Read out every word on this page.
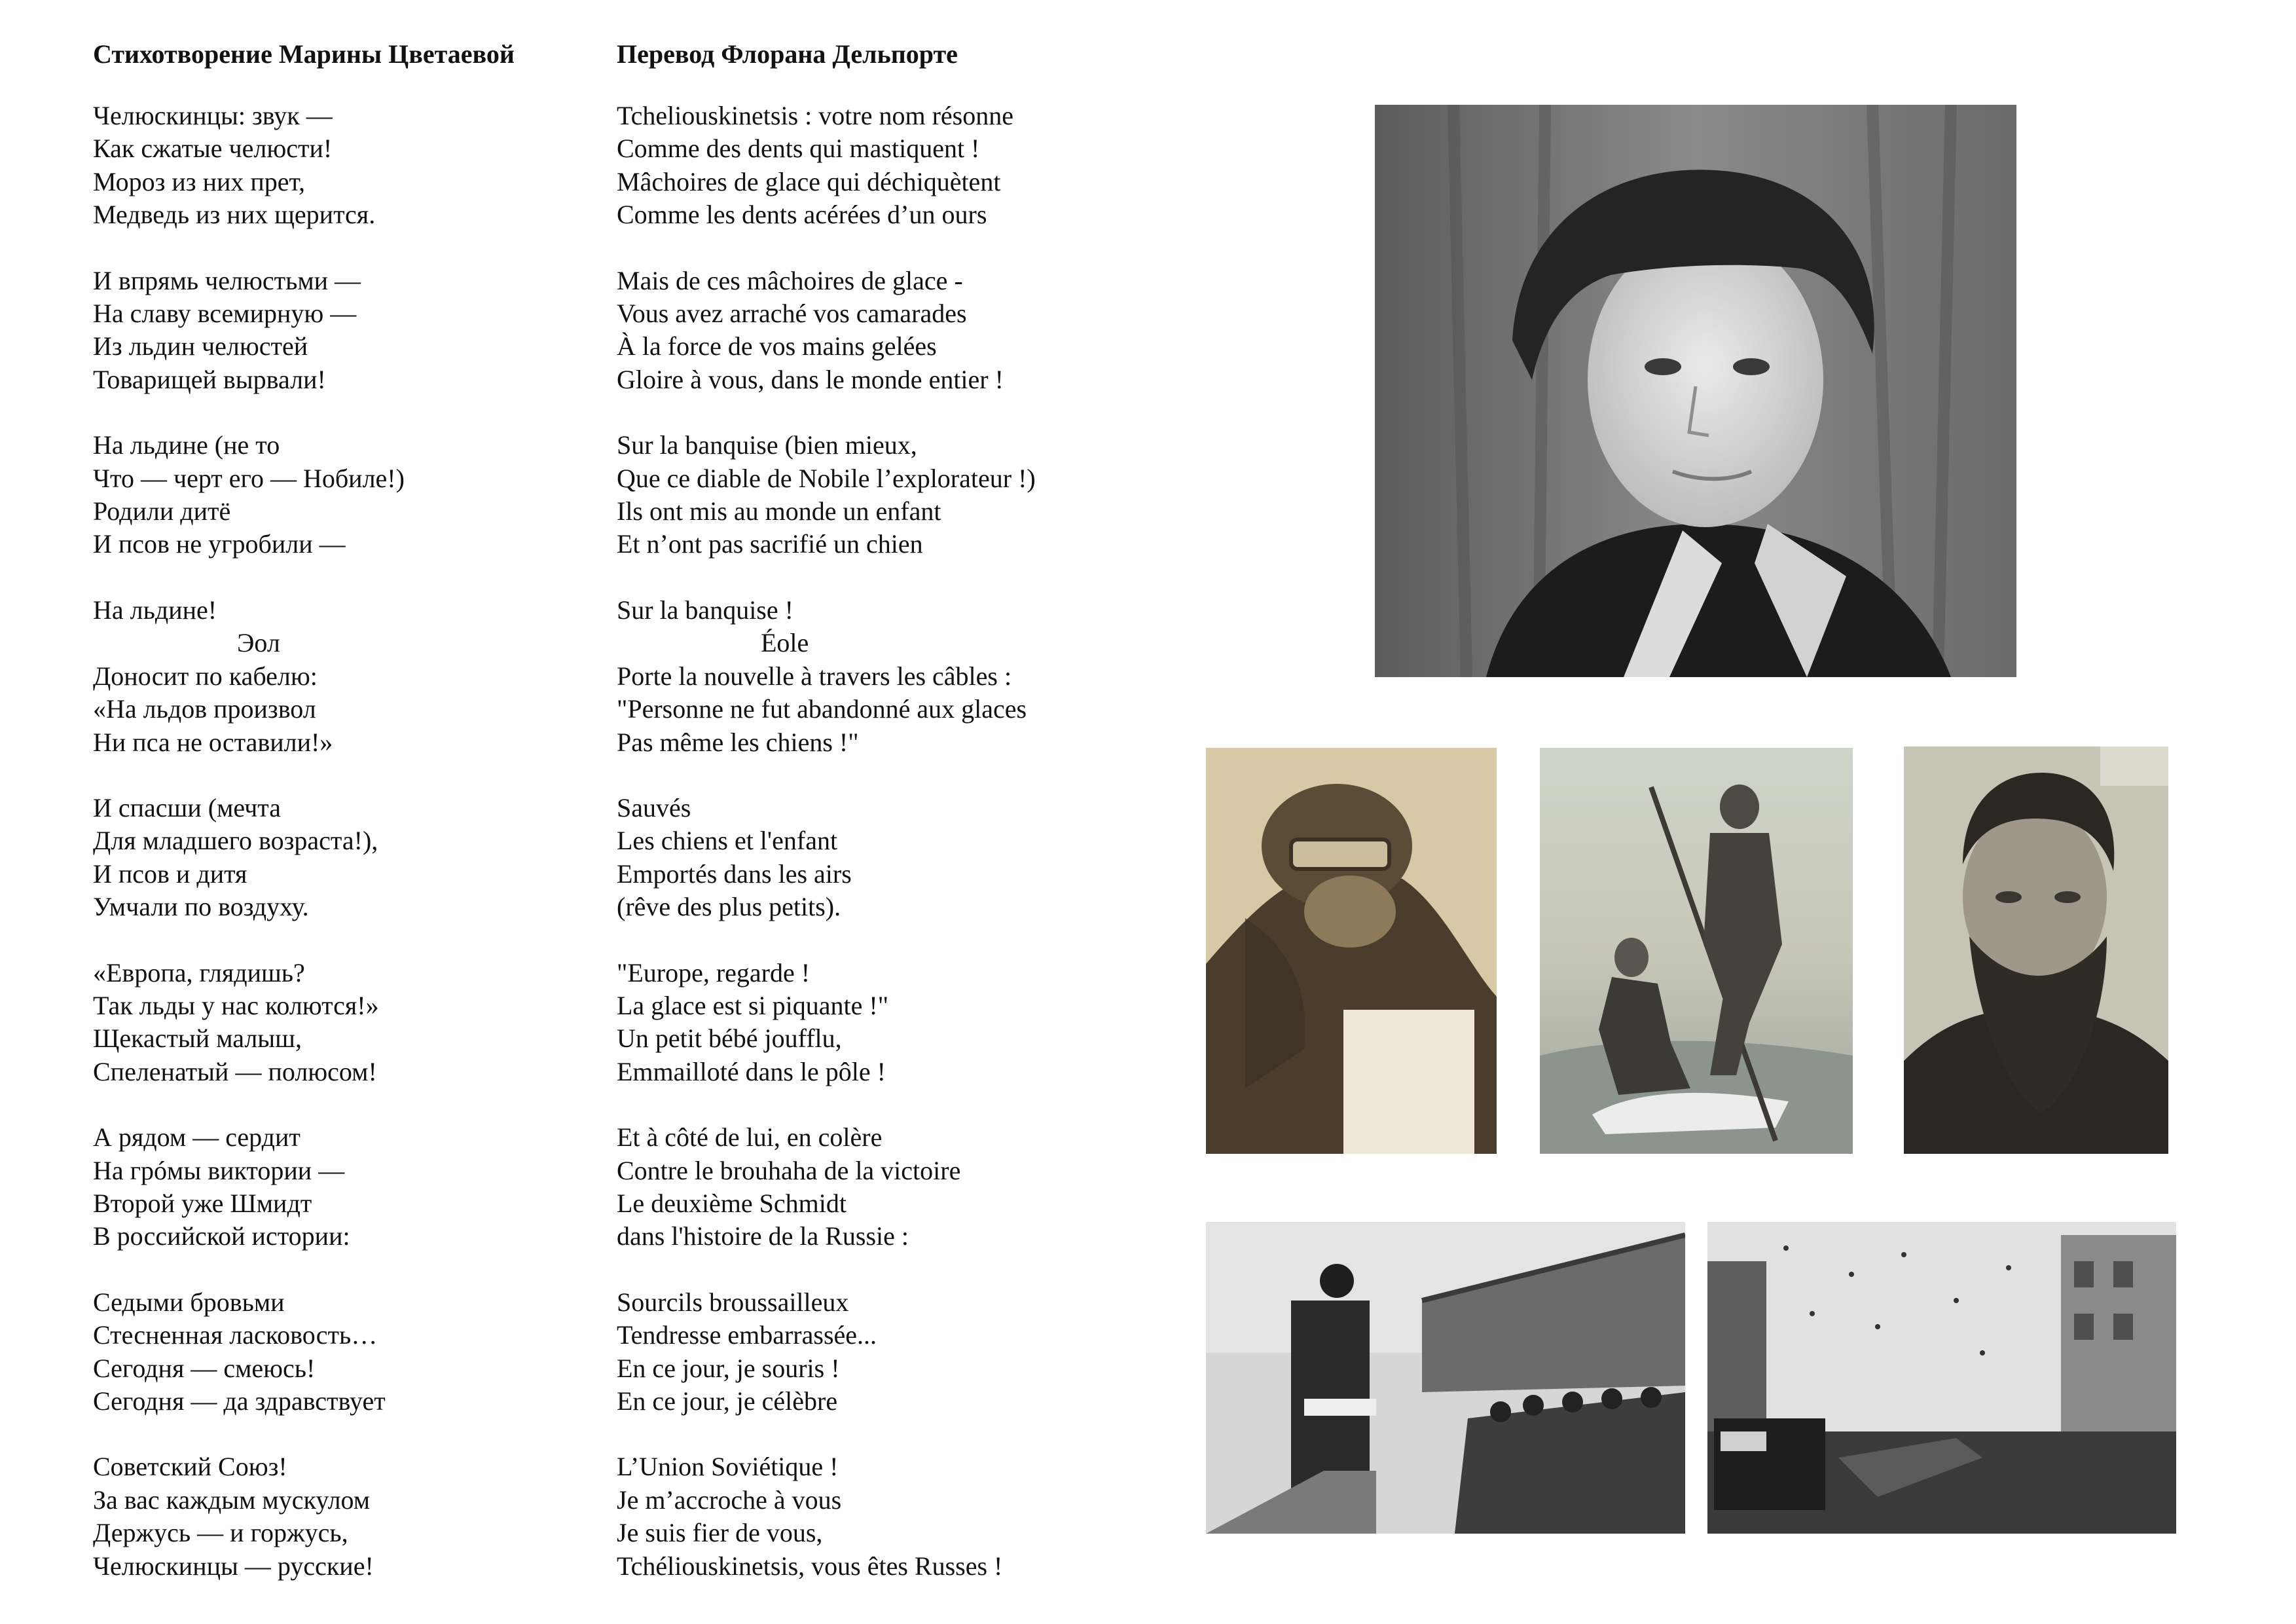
Стихотворение Марины Цветаевой
Челюскинцы: звук —
Как сжатые челюсти!
Мороз из них прет,
Медведь из них щерится.
И впрямь челюстьми —
На славу всемирную —
Из льдин челюстей
Товарищей вырвали!
На льдине (не то
Что — черт его — Нобиле!)
Родили дитё
И псов не угробили —
На льдине!
Эол
Доносит по кабелю:
«На льдов произвол
Ни пса не оставили!»
И спасши (мечта
Для младшего возраста!),
И псов и дитя
Умчали по воздуху.
«Европа, глядишь?
Так льды у нас колются!»
Щекастый малыш,
Спеленатый — полюсом!
А рядом — сердит
На грóмы виктории —
Второй уже Шмидт
В российской истории:
Седыми бровьми
Стесненная ласковость…
Сегодня — смеюсь!
Сегодня — да здравствует
Советский Союз!
За вас каждым мускулом
Держусь — и горжусь,
Челюскинцы — русские!
Перевод Флорана Дельпорте
Tcheliouskinetsis : votre nom résonne
Comme des dents qui mastiquent !
Mâchoires de glace qui déchiquètent
Comme les dents acérées d’un ours
Mais de ces mâchoires de glace -
Vous avez arraché vos camarades
À la force de vos mains gelées
Gloire à vous, dans le monde entier !
Sur la banquise (bien mieux,
Que ce diable de Nobile l’explorateur !)
Ils ont mis au monde un enfant
Et n’ont pas sacrifié un chien
Sur la banquise !
Éole
Porte la nouvelle à travers les câbles :
"Personne ne fut abandonné aux glaces
Pas même les chiens !"
Sauvés
Les chiens et l'enfant
Emportés dans les airs
(rêve des plus petits).
"Europe, regarde !
La glace est si piquante !"
Un petit bébé joufflu,
Emmailloté dans le pôle !
Et à côté de lui, en colère
Contre le brouhaha de la victoire
Le deuxième Schmidt
dans l'histoire de la Russie :
Sourcils broussailleux
Tendresse embarrassée...
En ce jour, je souris !
En ce jour, je célèbre
L’Union Soviétique !
Je m’accroche à vous
Je suis fier de vous,
Tchéliouskinetsis, vous êtes Russes !
